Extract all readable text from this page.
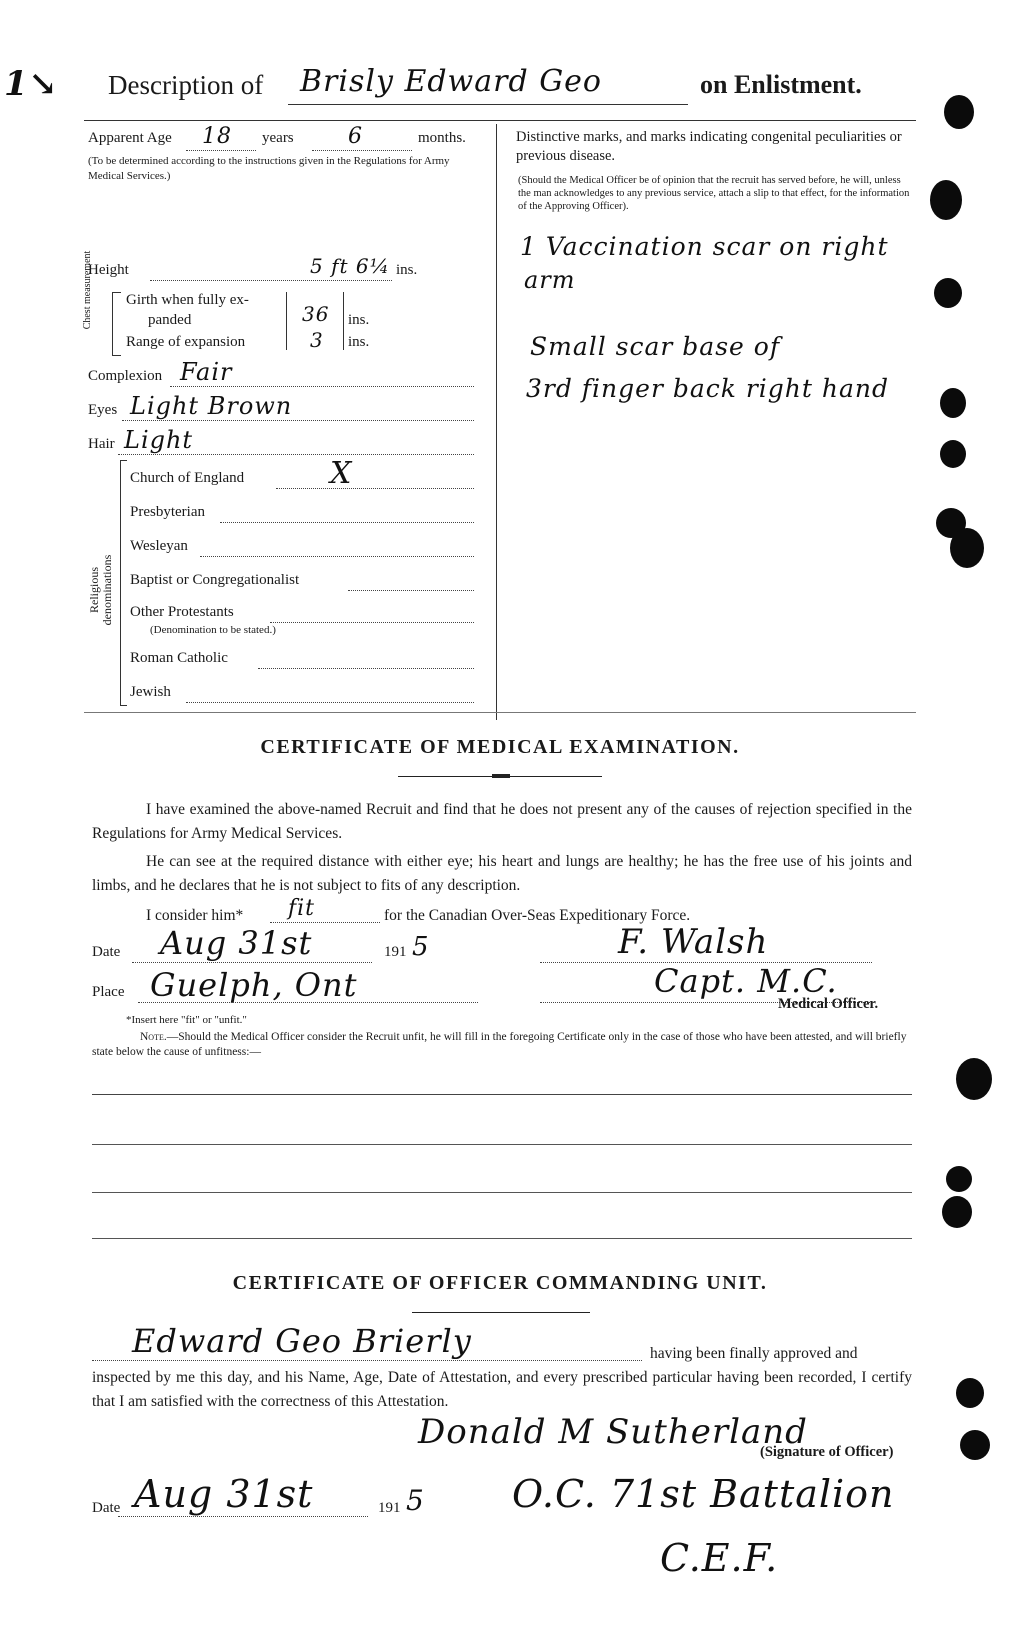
1↘ Description of Brisly Edward Geo	on Enlistment.
Apparent Age 18 years 6	months.
(To be determined according to the instructions given in the Regulations for Army Medical Services.)
Height	5 ft 6¼ ins.
Chest measurement Girth when fully ex-
panded	36 ins.
Range of expansion	3 ins.
Complexion Fair
Eyes Light Brown
Hair Light
Religious denominations
Church of England	X
Presbyterian
Wesleyan
Baptist or Congregationalist
Other Protestants
(Denomination to be stated.)
Roman Catholic
Jewish
Distinctive marks, and marks indicating congenital peculiarities or previous disease.
(Should the Medical Officer be of opinion that the recruit has served before, he will, unless the man acknowledges to any previous service, attach a slip to that effect, for the information of the Approving Officer).
1 Vaccination scar on right
arm
Small scar base of
3rd finger back right hand
CERTIFICATE OF MEDICAL EXAMINATION.
I have examined the above-named Recruit and find that he does not present any of the causes of rejection specified in the Regulations for Army Medical Services.
He can see at the required distance with either eye; his heart and lungs are healthy; he has the free use of his joints and limbs, and he declares that he is not subject to fits of any description.
I consider him* fit	for the Canadian Over-Seas Expeditionary Force.
Date Aug 31st	191 5	F. Walsh
Place Guelph, Ont	Capt. M.C.
Medical Officer.
*Insert here "fit" or "unfit."
Note.—Should the Medical Officer consider the Recruit unfit, he will fill in the foregoing Certificate only in the case of those who have been attested, and will briefly state below the cause of unfitness:—
CERTIFICATE OF OFFICER COMMANDING UNIT.
Edward Geo Brierly	having been finally approved and
inspected by me this day, and his Name, Age, Date of Attestation, and every prescribed particular having been recorded, I certify that I am satisfied with the correctness of this Attestation.
Donald M Sutherland
(Signature of Officer)
Date Aug 31st	191 5 O.C. 71st Battalion
C.E.F.
